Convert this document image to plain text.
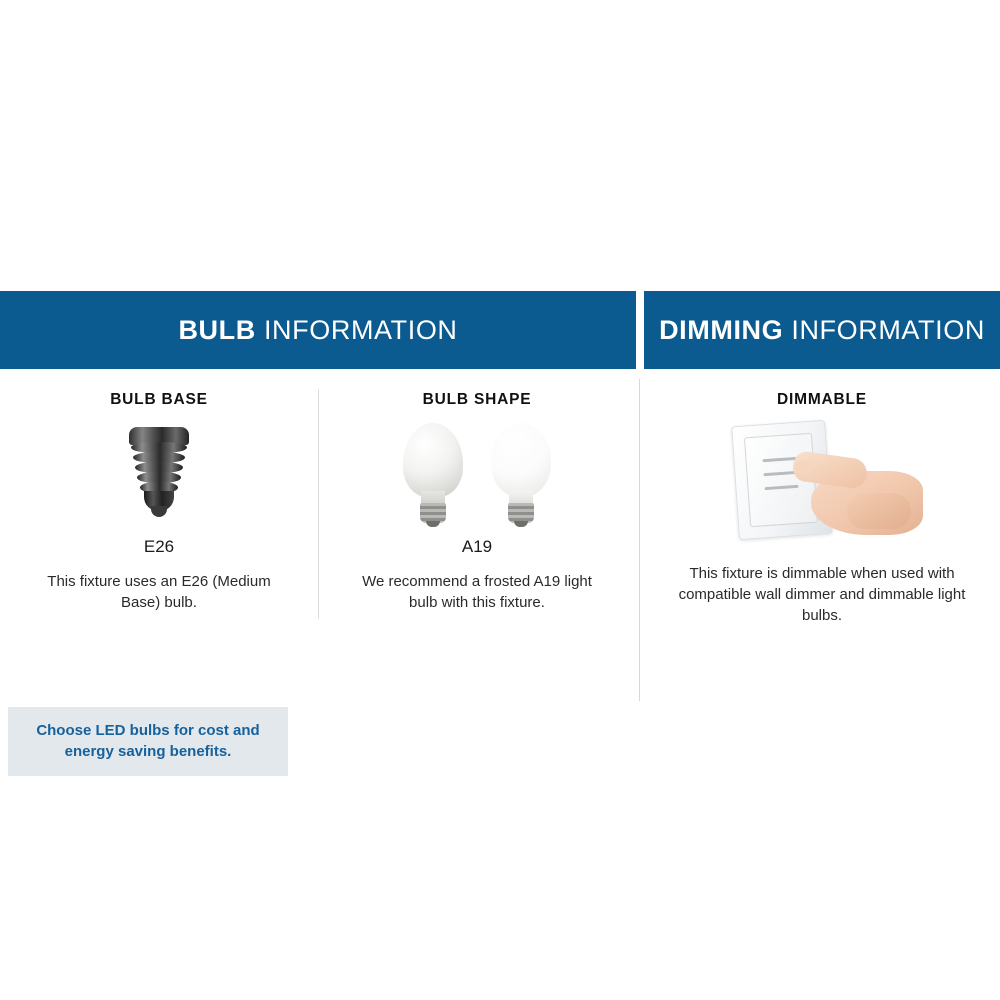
BULB INFORMATION
BULB BASE
E26

This fixture uses an E26 (Medium Base) bulb.

Choose LED bulbs for cost and energy saving benefits.
BULB SHAPE
A19

We recommend a frosted A19 light bulb with this fixture.

DIMMING INFORMATION
DIMMABLE

This fixture is dimmable when used with compatible wall dimmer and dimmable light bulbs.
